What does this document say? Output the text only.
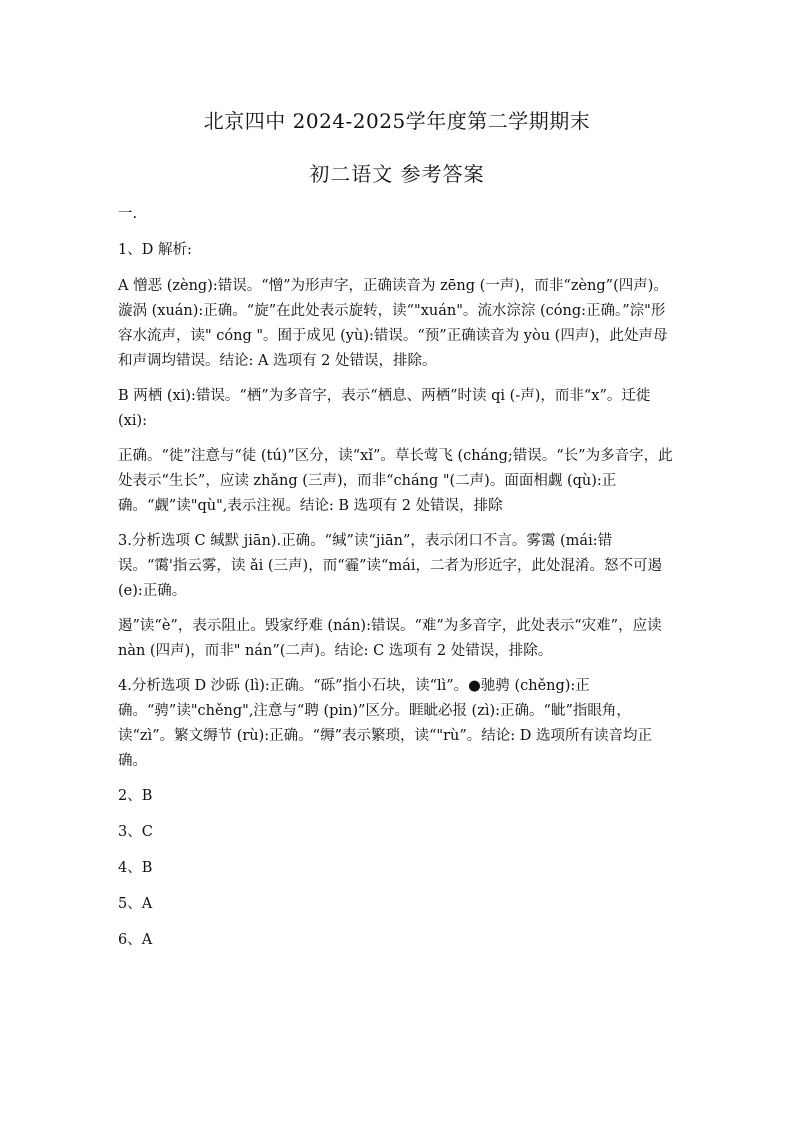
北京四中 2024-2025学年度第二学期期末
初二语文 参考答案

一.

1、D 解析:

A 憎恶 (zèng):错误。“憎”为形声字，正确读音为 zēng (一声)，而非“zèng”(四声)。漩涡 (xuán):正确。“旋”在此处表示旋转，读“"xuán"。流水淙淙 (cóng:正确。”淙"形容水流声，读" cóng "。囿于成见 (yù):错误。“预”正确读音为 yòu (四声)，此处声母和声调均错误。结论: A 选项有 2 处错误，排除。

B 两栖 (xi):错误。“栖”为多音字，表示“栖息、两栖”时读 qi (-声)，而非“x”。迁徙 (xi):

正确。“徙”注意与“徒 (tú)”区分，读“xǐ”。草长莺飞 (cháng;错误。“长”为多音字，此处表示“生长”，应读 zhǎng (三声)，而非“cháng "(二声)。面面相觑 (qù):正确。“觑”读"qù",表示注视。结论: B 选项有 2 处错误，排除

3.分析选项 C 缄默 jiān).正确。“缄”读“jiān”，表示闭口不言。雾霭 (mái:错误。“霭'指云雾，读 ǎi (三声)，而“霾”读“mái，二者为形近字，此处混淆。怒不可遏 (e):正确。

遏”读“è”，表示阻止。毁家纾难 (nán):错误。“难”为多音字，此处表示“灾难”，应读 nàn (四声)，而非" nán”(二声)。结论: C 选项有 2 处错误，排除。

4.分析选项 D 沙砾 (lì):正确。“砾”指小石块，读“lì”。●驰骋 (chěng):正确。“骋”读"chěng",注意与“聘 (pin)”区分。睚眦必报 (zì):正确。“眦”指眼角，读“zì”。繁文缛节 (rù):正确。“缛”表示繁琐，读“"rù”。结论: D 选项所有读音均正确。

2、B

3、C

4、B

5、A

6、A
